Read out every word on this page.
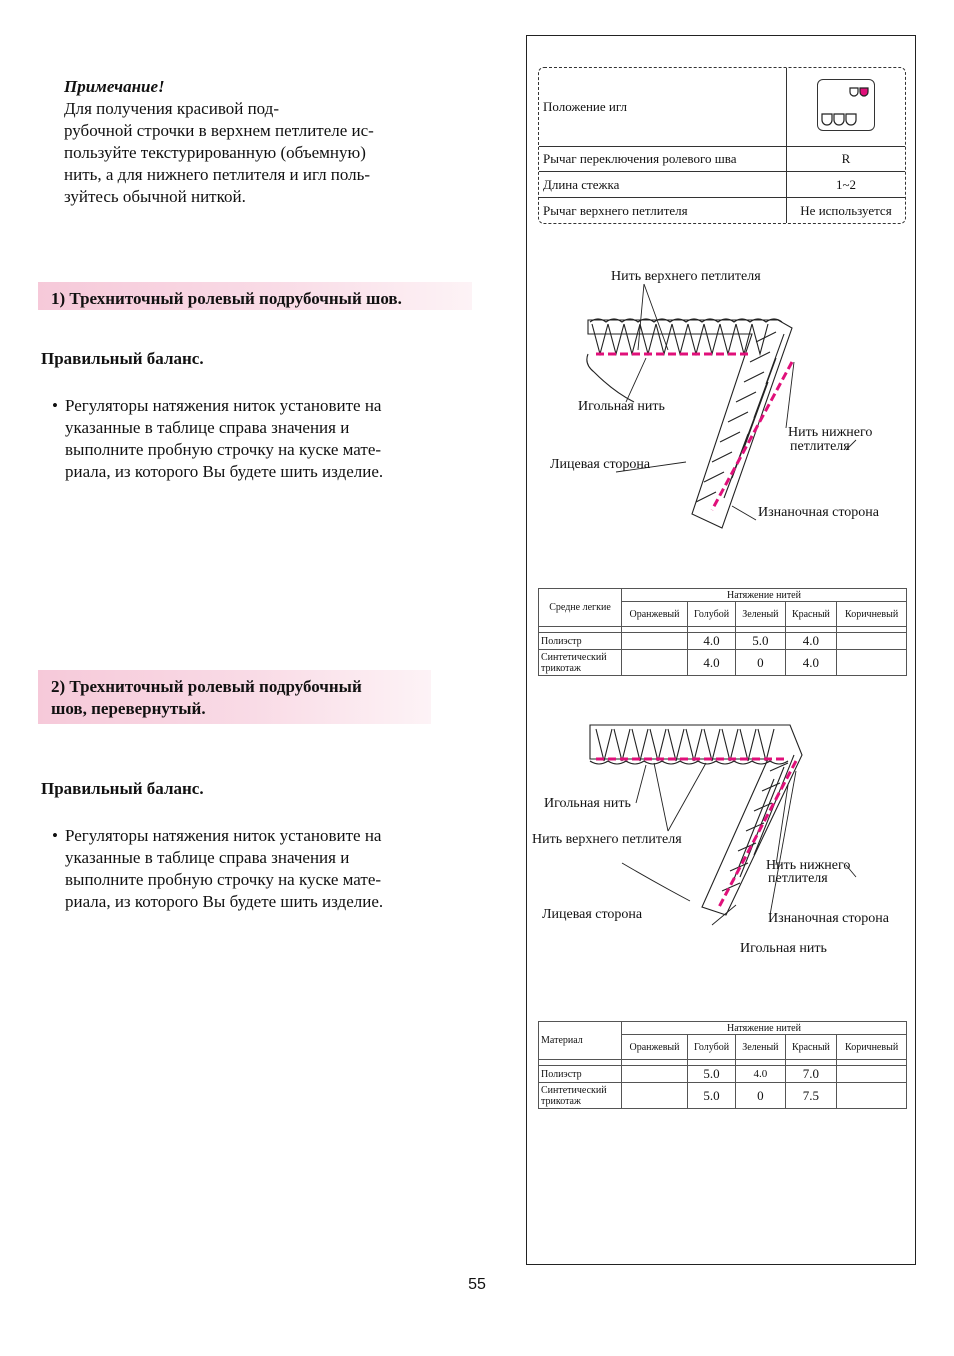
Примечание!

Для получения красивой под-
рубочной строчки в верхнем петлителе ис-
пользуйте текстурированную (объемную)
нить, а для нижнего петлителя и игл поль-
зуйтесь обычной ниткой.

1) Трехниточный ролевый подрубочный шов.
Правильный баланс.
• Регуляторы натяжения ниток установите на
указанные в таблице справа значения и
выполните пробную строчку на куске мате-
риала, из которого Вы будете шить изделие.
2) Трехниточный ролевый подрубочный
шов, перевернутый.
Правильный баланс.
• Регуляторы натяжения ниток установите на
указанные в таблице справа значения и
выполните пробную строчку на куске мате-
риала, из которого Вы будете шить изделие.
Положение игл	
Рычаг переключения ролевого шва	R
Длина стежка	1~2
Рычаг верхнего петлителя	Не используется
Нить верхнего петлителя
Игольная нить
Нить нижнего
петлителя
Лицевая сторона
Изнаночная сторона
Средне легкие	Натяжение нитей				
	Оранжевый	Голубой	Зеленый	Красный	Коричневый

Полиэстр		4.0	5.0	4.0	
Синтетический трикотаж		4.0	0	4.0	
Игольная нить
Нить верхнего петлителя
Нить нижнего
петлителя
Лицевая сторона	Изнаночная сторона
Игольная нить
Материал	Натяжение нитей				
	Оранжевый	Голубой	Зеленый	Красный	Коричневый

Полиэстр		5.0	4.0	7.0	
Синтетический трикотаж		5.0	0	7.5	
55
